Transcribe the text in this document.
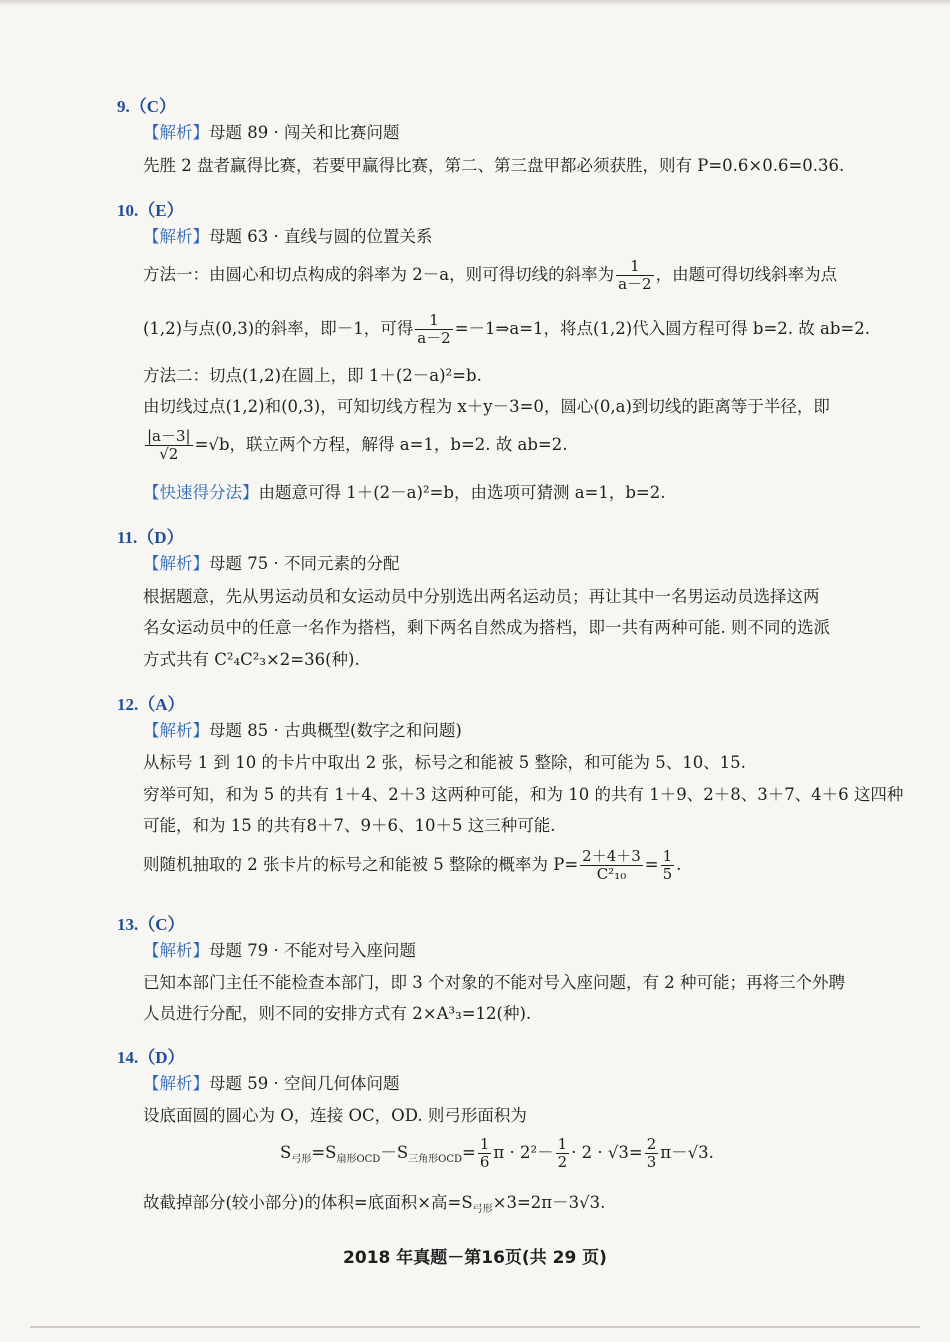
9.（C）
【解析】母题 89 · 闯关和比赛问题
先胜 2 盘者赢得比赛，若要甲赢得比赛，第二、第三盘甲都必须获胜，则有 P=0.6×0.6=0.36.
10.（E）
【解析】母题 63 · 直线与圆的位置关系
方法一：由圆心和切点构成的斜率为 2－a，则可得切线的斜率为 $\frac{1}{a-2}$ ，由题可得切线斜率为点
(1,2)与点(0,3)的斜率，即－1，可得 $\frac{1}{a-2}$ =－1⇒a=1，将点(1,2)代入圆方程可得 b=2. 故 ab=2.
方法二：切点(1,2)在圆上，即 1＋(2－a)²=b.
由切线过点(1,2)和(0,3)，可知切线方程为 x＋y－3=0，圆心(0,a)到切线的距离等于半径，即
$\frac{|a-3|}{√2} =√b$，联立两个方程，解得 a=1，b=2. 故 ab=2.
【快速得分法】由题意可得 1＋(2－a)²=b，由选项可猜测 a=1，b=2.
11.（D）
【解析】母题 75 · 不同元素的分配
根据题意，先从男运动员和女运动员中分别选出两名运动员；再让其中一名男运动员选择这两
名女运动员中的任意一名作为搭档，剩下两名自然成为搭档，即一共有两种可能. 则不同的选派
方式共有 C²₄C²₃×2=36(种).
12.（A）
【解析】母题 85 · 古典概型(数字之和问题)
从标号 1 到 10 的卡片中取出 2 张，标号之和能被 5 整除，和可能为 5、10、15.
穷举可知，和为 5 的共有 1＋4、2＋3 这两种可能，和为 10 的共有 1＋9、2＋8、3＋7、4＋6 这四种
可能，和为 15 的共有8＋7、9＋6、10＋5 这三种可能.
则随机抽取的 2 张卡片的标号之和能被 5 整除的概率为 $P= \frac{2+4+3}{\text{C²₁₀}} = \frac{1}{5}$ .
13.（C）
【解析】母题 79 · 不能对号入座问题
已知本部门主任不能检查本部门，即 3 个对象的不能对号入座问题，有 2 种可能；再将三个外聘
人员进行分配，则不同的安排方式有 2×A³₃=12(种).
14.（D）
【解析】母题 59 · 空间几何体问题
设底面圆的圆心为 O，连接 OC，OD. 则弓形面积为
$S_{弓形}=S_{扇形OCD}-S_{三角形OCD}= \frac{1}{6}$ $\pi \cdot 2^2- \frac{1}{2} \cdot 2 \cdot √3= \frac{2}{3} \pi-√3$.
故截掉部分(较小部分)的体积=底面积×高$=S_{弓形}\times 3=2\pi-3√3$.
2018 年真题－第16页(共 29 页)
